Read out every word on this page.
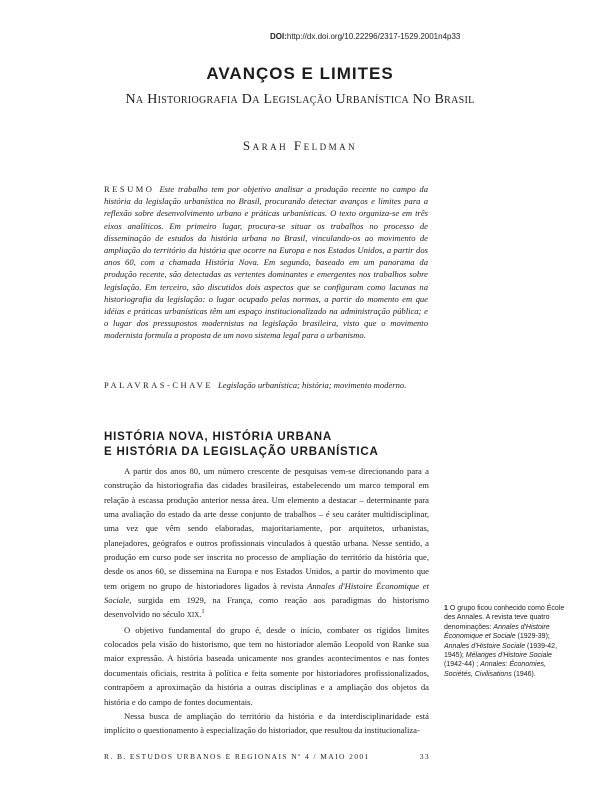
DOI:http://dx.doi.org/10.22296/2317-1529.2001n4p33
AVANÇOS E LIMITES
Na Historiografia Da Legislação Urbanística No Brasil
Sarah Feldman
RESUMO Este trabalho tem por objetivo analisar a produção recente no campo da história da legislação urbanística no Brasil, procurando detectar avanços e limites para a reflexão sobre desenvolvimento urbano e práticas urbanísticas. O texto organiza-se em três eixos analíticos. Em primeiro lugar, procura-se situar os trabalhos no processo de disseminação de estudos da história urbana no Brasil, vinculando-os ao movimento de ampliação do território da história que ocorre na Europa e nos Estados Unidos, a partir dos anos 60, com a chamada História Nova. Em segundo, baseado em um panorama da produção recente, são detectadas as vertentes dominantes e emergentes nos trabalhos sobre legislação. Em terceiro, são discutidos dois aspectos que se configuram como lacunas na historiografia da legislação: o lugar ocupado pelas normas, a partir do momento em que idéias e práticas urbanísticas têm um espaço institucionalizado na administração pública; e o lugar dos pressupostos modernistas na legislação brasileira, visto que o movimento modernista formula a proposta de um novo sistema legal para o urbanismo.
PALAVRAS-CHAVE Legislação urbanística; história; movimento moderno.
HISTÓRIA NOVA, HISTÓRIA URBANA
E HISTÓRIA DA LEGISLAÇÃO URBANÍSTICA

A partir dos anos 80, um número crescente de pesquisas vem-se direcionando para a construção da historiografia das cidades brasileiras, estabelecendo um marco temporal em relação à escassa produção anterior nessa área. Um elemento a destacar – determinante para uma avaliação do estado da arte desse conjunto de trabalhos – é seu caráter multidisciplinar, uma vez que vêm sendo elaboradas, majoritariamente, por arquitetos, urbanistas, planejadores, geógrafos e outros profissionais vinculados à questão urbana. Nesse sentido, a produção em curso pode ser inscrita no processo de ampliação do território da história que, desde os anos 60, se dissemina na Europa e nos Estados Unidos, a partir do movimento que tem origem no grupo de historiadores ligados à revista Annales d'Histoire Économique et Sociale, surgida em 1929, na França, como reação aos paradigmas do historismo desenvolvido no século XIX.$^1$

O objetivo fundamental do grupo é, desde o início, combater os rígidos limites colocados pela visão do historismo, que tem no historiador alemão Leopold von Ranke sua maior expressão. A história baseada unicamente nos grandes acontecimentos e nas fontes documentais oficiais, restrita à política e feita somente por historiadores profissionalizados, contrapõem a aproximação da história a outras disciplinas e a ampliação dos objetos da história e do campo de fontes documentais.

Nessa busca de ampliação do território da história e da interdisciplinaridade está implícito o questionamento à especialização do historiador, que resultou da institucionaliza-

1 O grupo ficou conhecido como École des Annales. A revista teve quatro denominações: Annales d'Histoire Économique et Sociale (1929-39); Annales d'Histoire Sociale (1939-42, 1945); Mélanges d'Histoire Sociale (1942-44) ; Annales: Économies, Sociétés, Civilisations (1946).
R. B. ESTUDOS URBANOS E REGIONAIS Nº 4 / MAIO 2001	33
